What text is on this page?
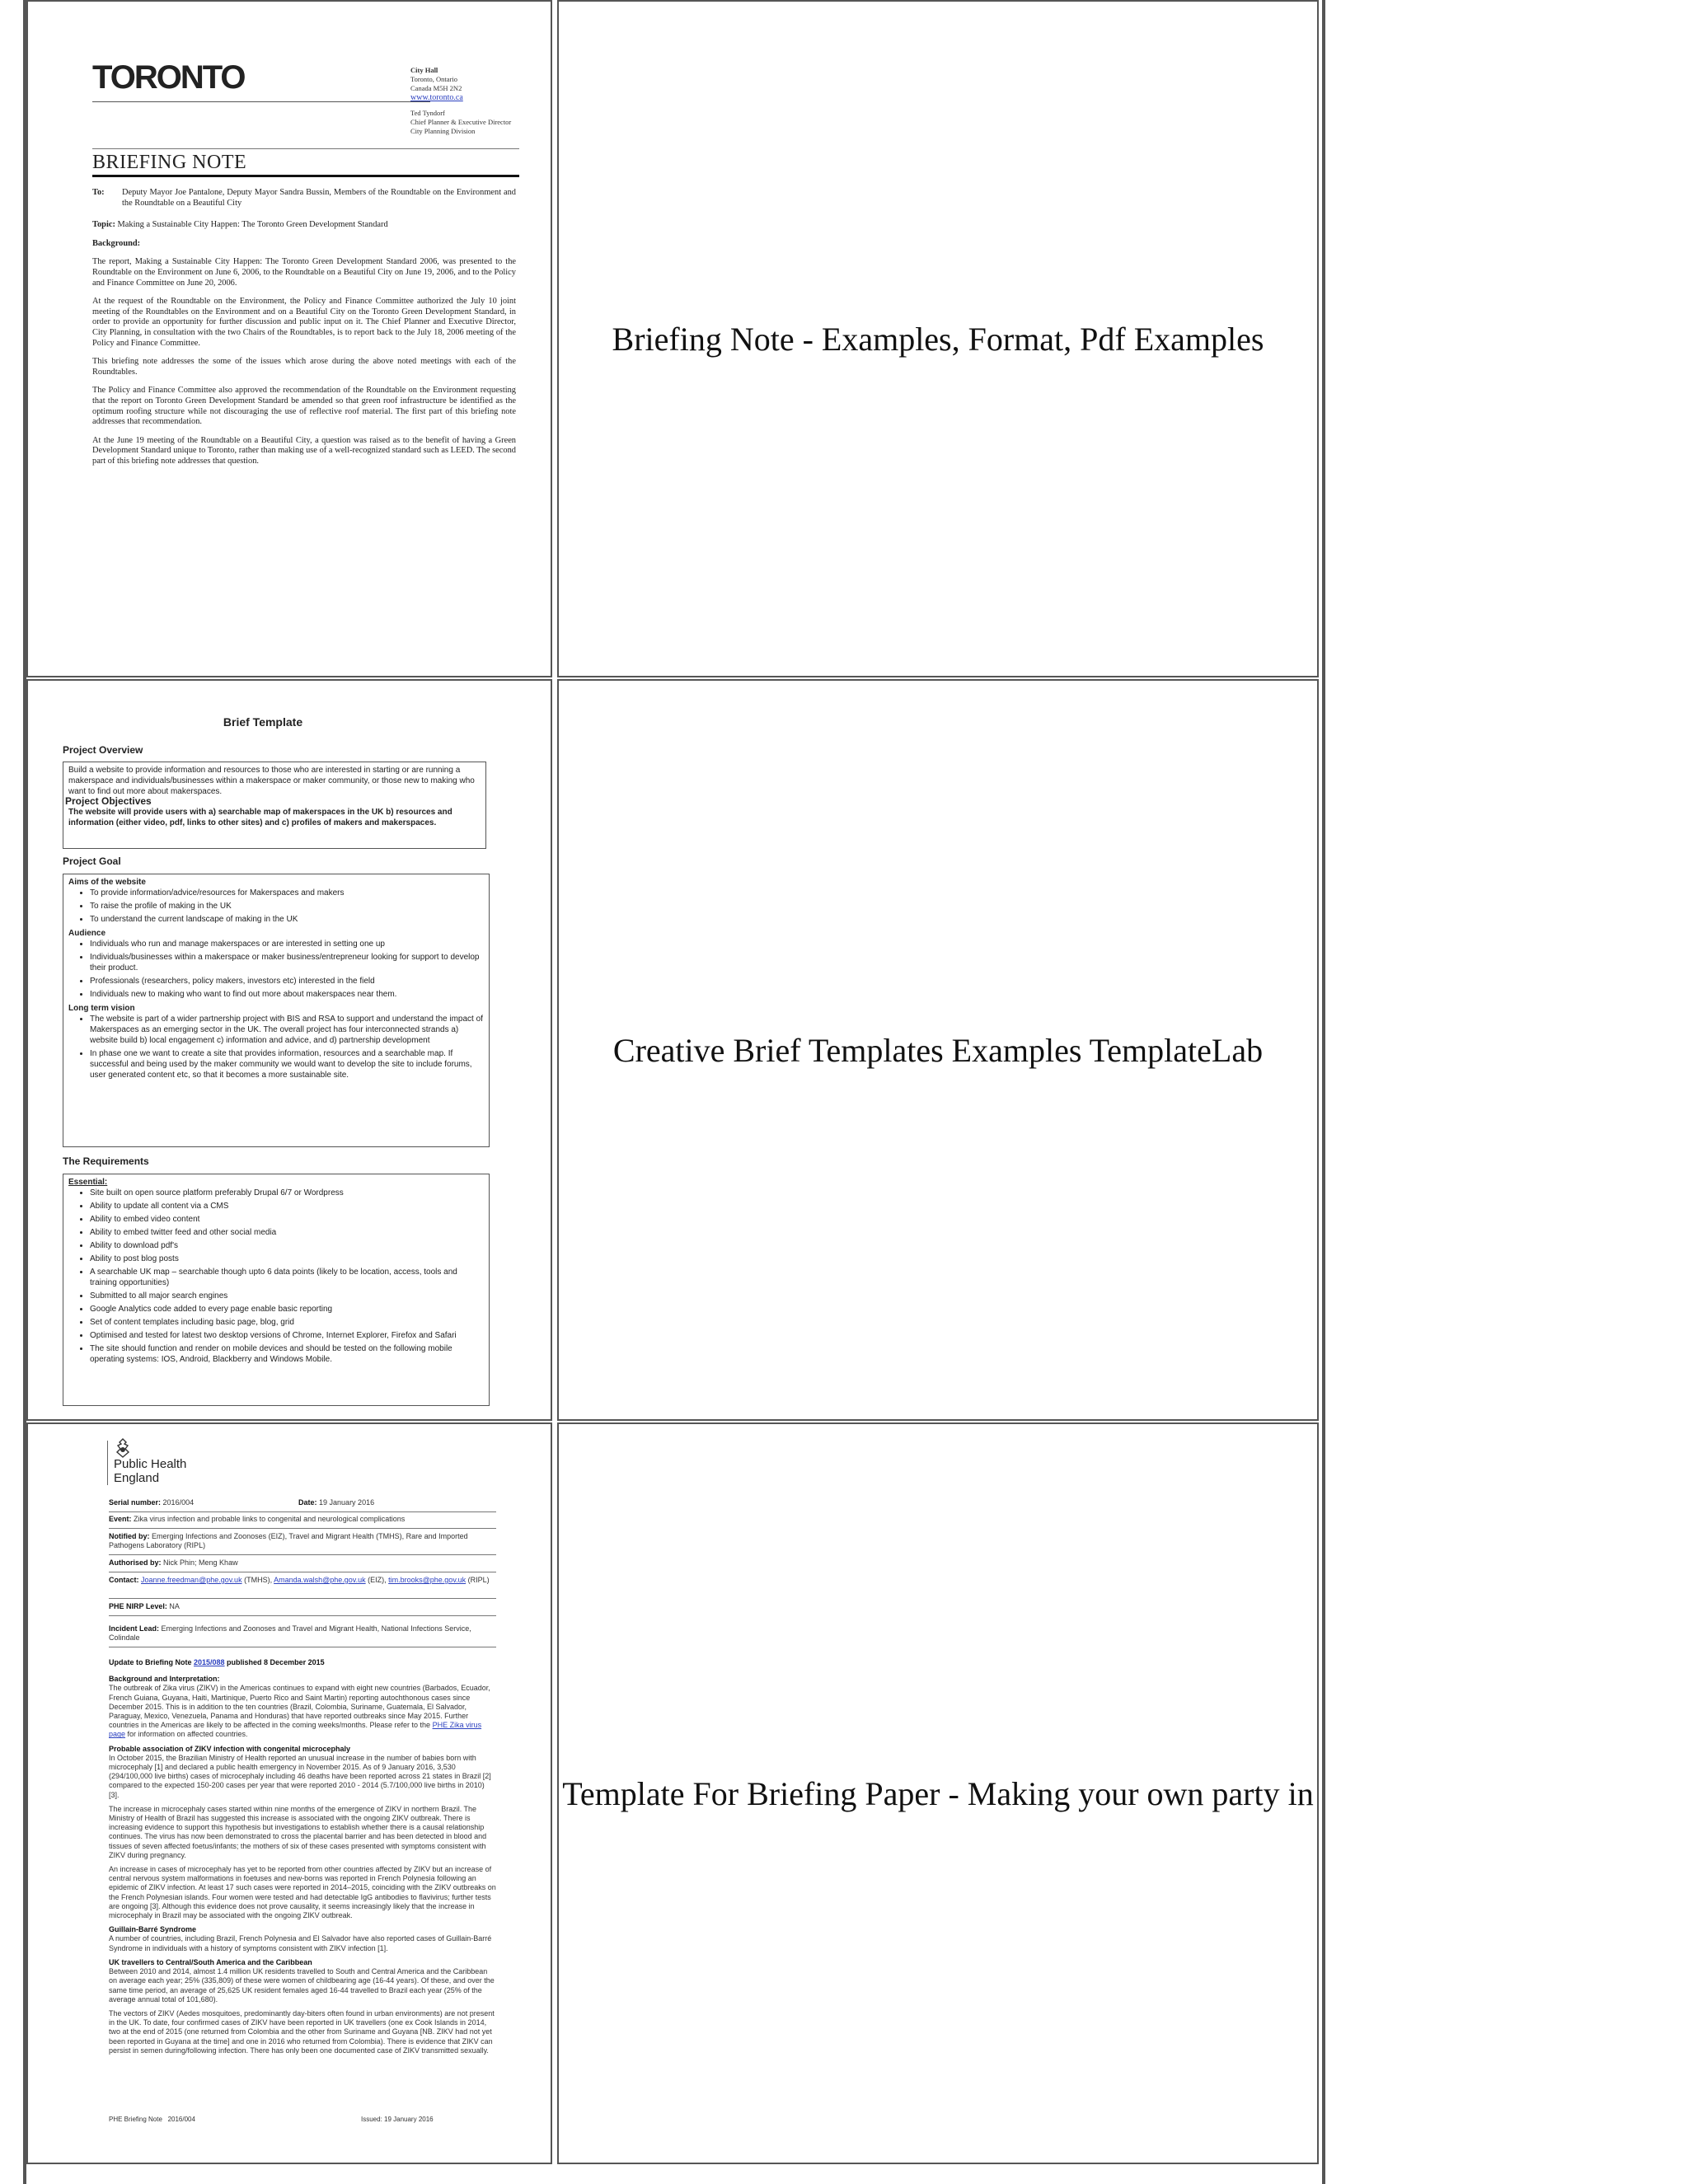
Briefing Note - Examples, Format, Pdf Examples
TORONTO	City Hall
Toronto, Ontario
Canada M5H 2N2
www.toronto.ca
Ted Tyndorf
Chief Planner & Executive Director
City Planning Division
BRIEFING NOTE
To:	Deputy Mayor Joe Pantalone, Deputy Mayor Sandra Bussin, Members of the Roundtable on the Environment and the Roundtable on a Beautiful City
Topic: Making a Sustainable City Happen: The Toronto Green Development Standard
Background:

The report, Making a Sustainable City Happen: The Toronto Green Development Standard 2006, was presented to the Roundtable on the Environment on June 6, 2006, to the Roundtable on a Beautiful City on June 19, 2006, and to the Policy and Finance Committee on June 20, 2006.

At the request of the Roundtable on the Environment, the Policy and Finance Committee authorized the July 10 joint meeting of the Roundtables on the Environment and on a Beautiful City on the Toronto Green Development Standard, in order to provide an opportunity for further discussion and public input on it. The Chief Planner and Executive Director, City Planning, in consultation with the two Chairs of the Roundtables, is to report back to the July 18, 2006 meeting of the Policy and Finance Committee.

This briefing note addresses the some of the issues which arose during the above noted meetings with each of the Roundtables.

The Policy and Finance Committee also approved the recommendation of the Roundtable on the Environment requesting that the report on Toronto Green Development Standard be amended so that green roof infrastructure be identified as the optimum roofing structure while not discouraging the use of reflective roof material. The first part of this briefing note addresses that recommendation.

At the June 19 meeting of the Roundtable on a Beautiful City, a question was raised as to the benefit of having a Green Development Standard unique to Toronto, rather than making use of a well-recognized standard such as LEED. The second part of this briefing note addresses that question.

Creative Brief Templates Examples TemplateLab
Brief Template
Project Overview
Build a website to provide information and resources to those who are interested in starting or are running a makerspace and individuals/businesses within a makerspace or maker community, or those new to making who want to find out more about makerspaces.
Project Objectives
The website will provide users with a) searchable map of makerspaces in the UK b) resources and information (either video, pdf, links to other sites) and c) profiles of makers and makerspaces.
Project Goal
Aims of the website
• To provide information/advice/resources for Makerspaces and makers
• To raise the profile of making in the UK
• To understand the current landscape of making in the UK
Audience
• Individuals who run and manage makerspaces or are interested in setting one up
• Individuals/businesses within a makerspace or maker business/entrepreneur looking for support to develop their product.
• Professionals (researchers, policy makers, investors etc) interested in the field
• Individuals new to making who want to find out more about makerspaces near them.
Long term vision
• The website is part of a wider partnership project with BIS and RSA to support and understand the impact of Makerspaces as an emerging sector in the UK. The overall project has four interconnected strands a) website build b) local engagement c) information and advice, and d) partnership development
• In phase one we want to create a site that provides information, resources and a searchable map. If successful and being used by the maker community we would want to develop the site to include forums, user generated content etc, so that it becomes a more sustainable site.
The Requirements
Essential:
• Site built on open source platform preferably Drupal 6/7 or Wordpress
• Ability to update all content via a CMS
• Ability to embed video content
• Ability to embed twitter feed and other social media
• Ability to download pdf's
• Ability to post blog posts
• A searchable UK map – searchable though upto 6 data points (likely to be location, access, tools and training opportunities)
• Submitted to all major search engines
• Google Analytics code added to every page enable basic reporting
• Set of content templates including basic page, blog, grid
• Optimised and tested for latest two desktop versions of Chrome, Internet Explorer, Firefox and Safari
• The site should function and render on mobile devices and should be tested on the following mobile operating systems: IOS, Android, Blackberry and Windows Mobile.
Template For Briefing Paper - Making your own party in
Public Health
England
Serial number: 2016/004	Date: 19 January 2016
Event: Zika virus infection and probable links to congenital and neurological complications
Notified by: Emerging Infections and Zoonoses (EIZ), Travel and Migrant Health (TMHS), Rare and Imported Pathogens Laboratory (RIPL)
Authorised by: Nick Phin; Meng Khaw
Contact: Joanne.freedman@phe.gov.uk (TMHS), Amanda.walsh@phe.gov.uk (EIZ), tim.brooks@phe.gov.uk (RIPL)
PHE NIRP Level: NA
Incident Lead: Emerging Infections and Zoonoses and Travel and Migrant Health, National Infections Service, Colindale
Update to Briefing Note 2015/088 published 8 December 2015
Background and Interpretation:

The outbreak of Zika virus (ZIKV) in the Americas continues to expand with eight new countries (Barbados, Ecuador, French Guiana, Guyana, Haiti, Martinique, Puerto Rico and Saint Martin) reporting autochthonous cases since December 2015. This is in addition to the ten countries (Brazil, Colombia, Suriname, Guatemala, El Salvador, Paraguay, Mexico, Venezuela, Panama and Honduras) that have reported outbreaks since May 2015. Further countries in the Americas are likely to be affected in the coming weeks/months. Please refer to the PHE Zika virus page for information on affected countries.

Probable association of ZIKV infection with congenital microcephaly

In October 2015, the Brazilian Ministry of Health reported an unusual increase in the number of babies born with microcephaly [1] and declared a public health emergency in November 2015. As of 9 January 2016, 3,530 (294/100,000 live births) cases of microcephaly including 46 deaths have been reported across 21 states in Brazil [2] compared to the expected 150-200 cases per year that were reported 2010 - 2014 (5.7/100,000 live births in 2010) [3].

The increase in microcephaly cases started within nine months of the emergence of ZIKV in northern Brazil. The Ministry of Health of Brazil has suggested this increase is associated with the ongoing ZIKV outbreak. There is increasing evidence to support this hypothesis but investigations to establish whether there is a causal relationship continues. The virus has now been demonstrated to cross the placental barrier and has been detected in blood and tissues of seven affected foetus/infants; the mothers of six of these cases presented with symptoms consistent with ZIKV during pregnancy.

An increase in cases of microcephaly has yet to be reported from other countries affected by ZIKV but an increase of central nervous system malformations in foetuses and new-borns was reported in French Polynesia following an epidemic of ZIKV infection. At least 17 such cases were reported in 2014–2015, coinciding with the ZIKV outbreaks on the French Polynesian islands. Four women were tested and had detectable IgG antibodies to flavivirus; further tests are ongoing [3]. Although this evidence does not prove causality, it seems increasingly likely that the increase in microcephaly in Brazil may be associated with the ongoing ZIKV outbreak.

Guillain-Barré Syndrome

A number of countries, including Brazil, French Polynesia and El Salvador have also reported cases of Guillain-Barré Syndrome in individuals with a history of symptoms consistent with ZIKV infection [1].

UK travellers to Central/South America and the Caribbean

Between 2010 and 2014, almost 1.4 million UK residents travelled to South and Central America and the Caribbean on average each year; 25% (335,809) of these were women of childbearing age (16-44 years). Of these, and over the same time period, an average of 25,625 UK resident females aged 16-44 travelled to Brazil each year (25% of the average annual total of 101,680).

The vectors of ZIKV (Aedes mosquitoes, predominantly day-biters often found in urban environments) are not present in the UK. To date, four confirmed cases of ZIKV have been reported in UK travellers (one ex Cook Islands in 2014, two at the end of 2015 (one returned from Colombia and the other from Suriname and Guyana [NB. ZIKV had not yet been reported in Guyana at the time] and one in 2016 who returned from Colombia). There is evidence that ZIKV can persist in semen during/following infection. There has only been one documented case of ZIKV transmitted sexually.

PHE Briefing Note   2016/004	Issued: 19 January 2016
